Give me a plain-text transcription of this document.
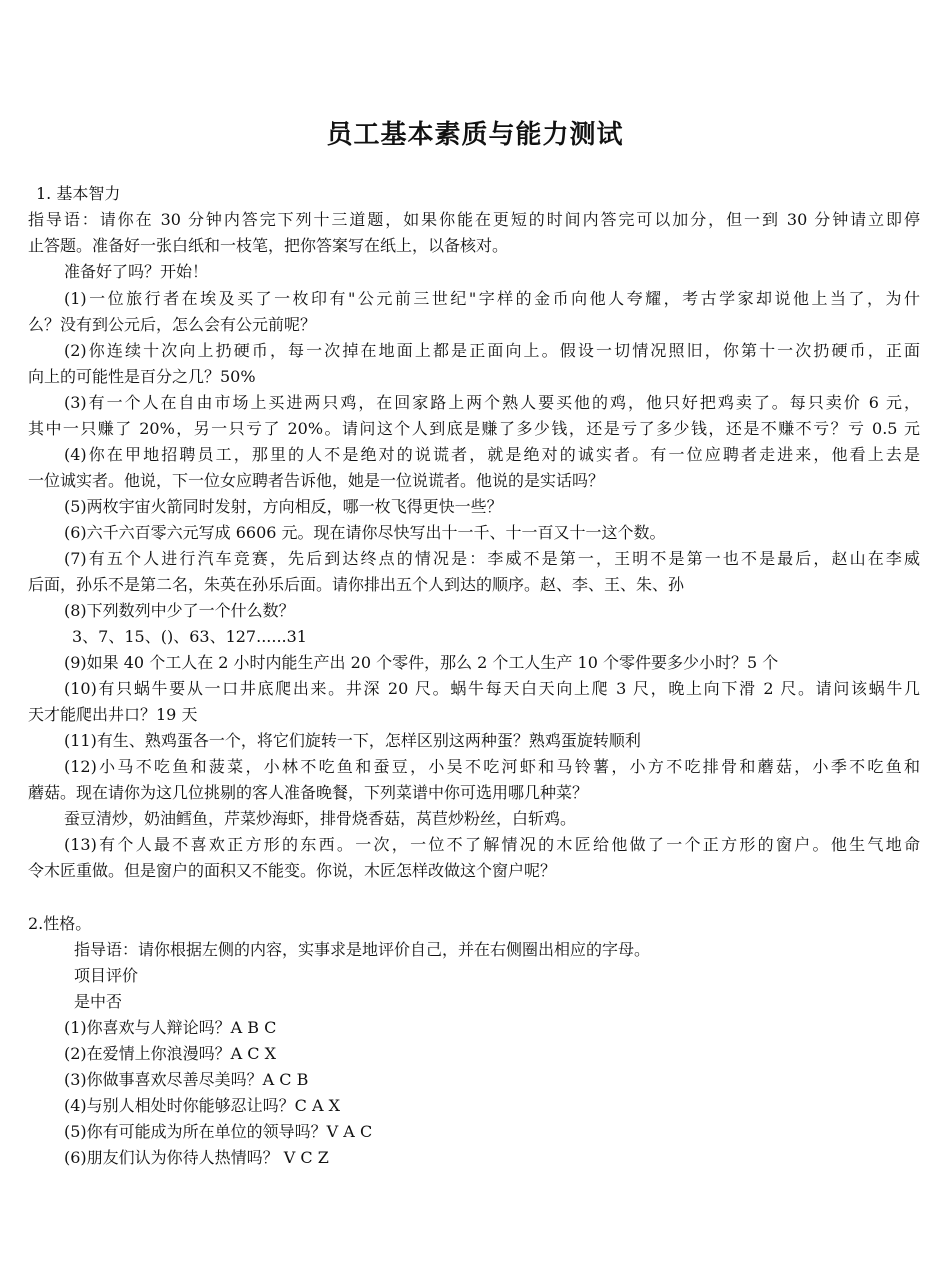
员工基本素质与能力测试
1. 基本智力
指导语：请你在 30 分钟内答完下列十三道题，如果你能在更短的时间内答完可以加分，但一到 30 分钟请立即停
止答题。准备好一张白纸和一枝笔，把你答案写在纸上，以备核对。
准备好了吗？开始！
(1)一位旅行者在埃及买了一枚印有"公元前三世纪"字样的金币向他人夸耀，考古学家却说他上当了，为什
么？没有到公元后，怎么会有公元前呢？
(2)你连续十次向上扔硬币，每一次掉在地面上都是正面向上。假设一切情况照旧，你第十一次扔硬币，正面
向上的可能性是百分之几？50%
(3)有一个人在自由市场上买进两只鸡，在回家路上两个熟人要买他的鸡，他只好把鸡卖了。每只卖价 6 元，
其中一只赚了 20%，另一只亏了 20%。请问这个人到底是赚了多少钱，还是亏了多少钱，还是不赚不亏？亏 0.5 元
(4)你在甲地招聘员工，那里的人不是绝对的说谎者，就是绝对的诚实者。有一位应聘者走进来，他看上去是
一位诚实者。他说，下一位女应聘者告诉他，她是一位说谎者。他说的是实话吗？
(5)两枚宇宙火箭同时发射，方向相反，哪一枚飞得更快一些？
(6)六千六百零六元写成 6606 元。现在请你尽快写出十一千、十一百又十一这个数。
(7)有五个人进行汽车竞赛，先后到达终点的情况是：李威不是第一，王明不是第一也不是最后，赵山在李威
后面，孙乐不是第二名，朱英在孙乐后面。请你排出五个人到达的顺序。赵、李、王、朱、孙
(8)下列数列中少了一个什么数？
3、7、15、()、63、127......31
(9)如果 40 个工人在 2 小时内能生产出 20 个零件，那么 2 个工人生产 10 个零件要多少小时？5 个
(10)有只蜗牛要从一口井底爬出来。井深 20 尺。蜗牛每天白天向上爬 3 尺，晚上向下滑 2 尺。请问该蜗牛几
天才能爬出井口？19 天
(11)有生、熟鸡蛋各一个，将它们旋转一下，怎样区别这两种蛋？熟鸡蛋旋转顺利
(12)小马不吃鱼和菠菜，小林不吃鱼和蚕豆，小吴不吃河虾和马铃薯，小方不吃排骨和蘑菇，小季不吃鱼和
蘑菇。现在请你为这几位挑剔的客人准备晚餐，下列菜谱中你可选用哪几种菜？
蚕豆清炒，奶油鳕鱼，芹菜炒海虾，排骨烧香菇，莴苣炒粉丝，白斩鸡。
(13)有个人最不喜欢正方形的东西。一次，一位不了解情况的木匠给他做了一个正方形的窗户。他生气地命
令木匠重做。但是窗户的面积又不能变。你说，木匠怎样改做这个窗户呢？
2.性格。
指导语：请你根据左侧的内容，实事求是地评价自己，并在右侧圈出相应的字母。
项目评价
是中否
(1)你喜欢与人辩论吗？A B C
(2)在爱情上你浪漫吗？A C X
(3)你做事喜欢尽善尽美吗？A C B
(4)与别人相处时你能够忍让吗？C A X
(5)你有可能成为所在单位的领导吗？V A C
(6)朋友们认为你待人热情吗？ V C Z
